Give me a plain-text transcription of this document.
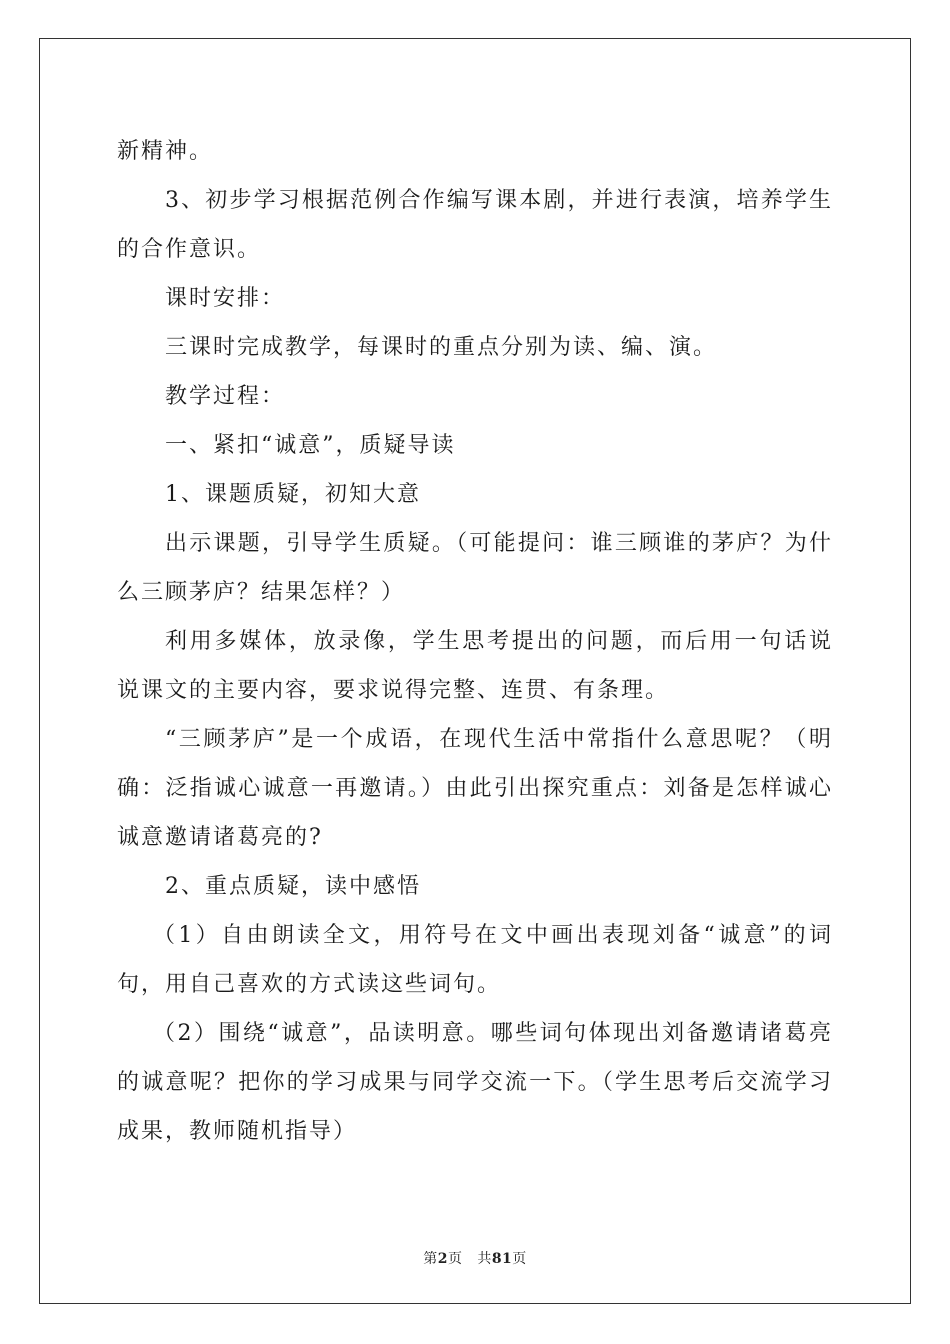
新精神。

3、初步学习根据范例合作编写课本剧，并进行表演，培养学生的合作意识。

课时安排：

三课时完成教学，每课时的重点分别为读、编、演。

教学过程：

一、紧扣“诚意”，质疑导读

1、课题质疑，初知大意

出示课题，引导学生质疑。（可能提问：谁三顾谁的茅庐？为什么三顾茅庐？结果怎样？）

利用多媒体，放录像，学生思考提出的问题，而后用一句话说说课文的主要内容，要求说得完整、连贯、有条理。

“三顾茅庐”是一个成语，在现代生活中常指什么意思呢？（明确：泛指诚心诚意一再邀请。）由此引出探究重点：刘备是怎样诚心诚意邀请诸葛亮的?

2、重点质疑，读中感悟

（1）自由朗读全文，用符号在文中画出表现刘备“诚意”的词句，用自己喜欢的方式读这些词句。

（2）围绕“诚意”，品读明意。哪些词句体现出刘备邀请诸葛亮的诚意呢？把你的学习成果与同学交流一下。（学生思考后交流学习成果，教师随机指导）

第2页 共81页
